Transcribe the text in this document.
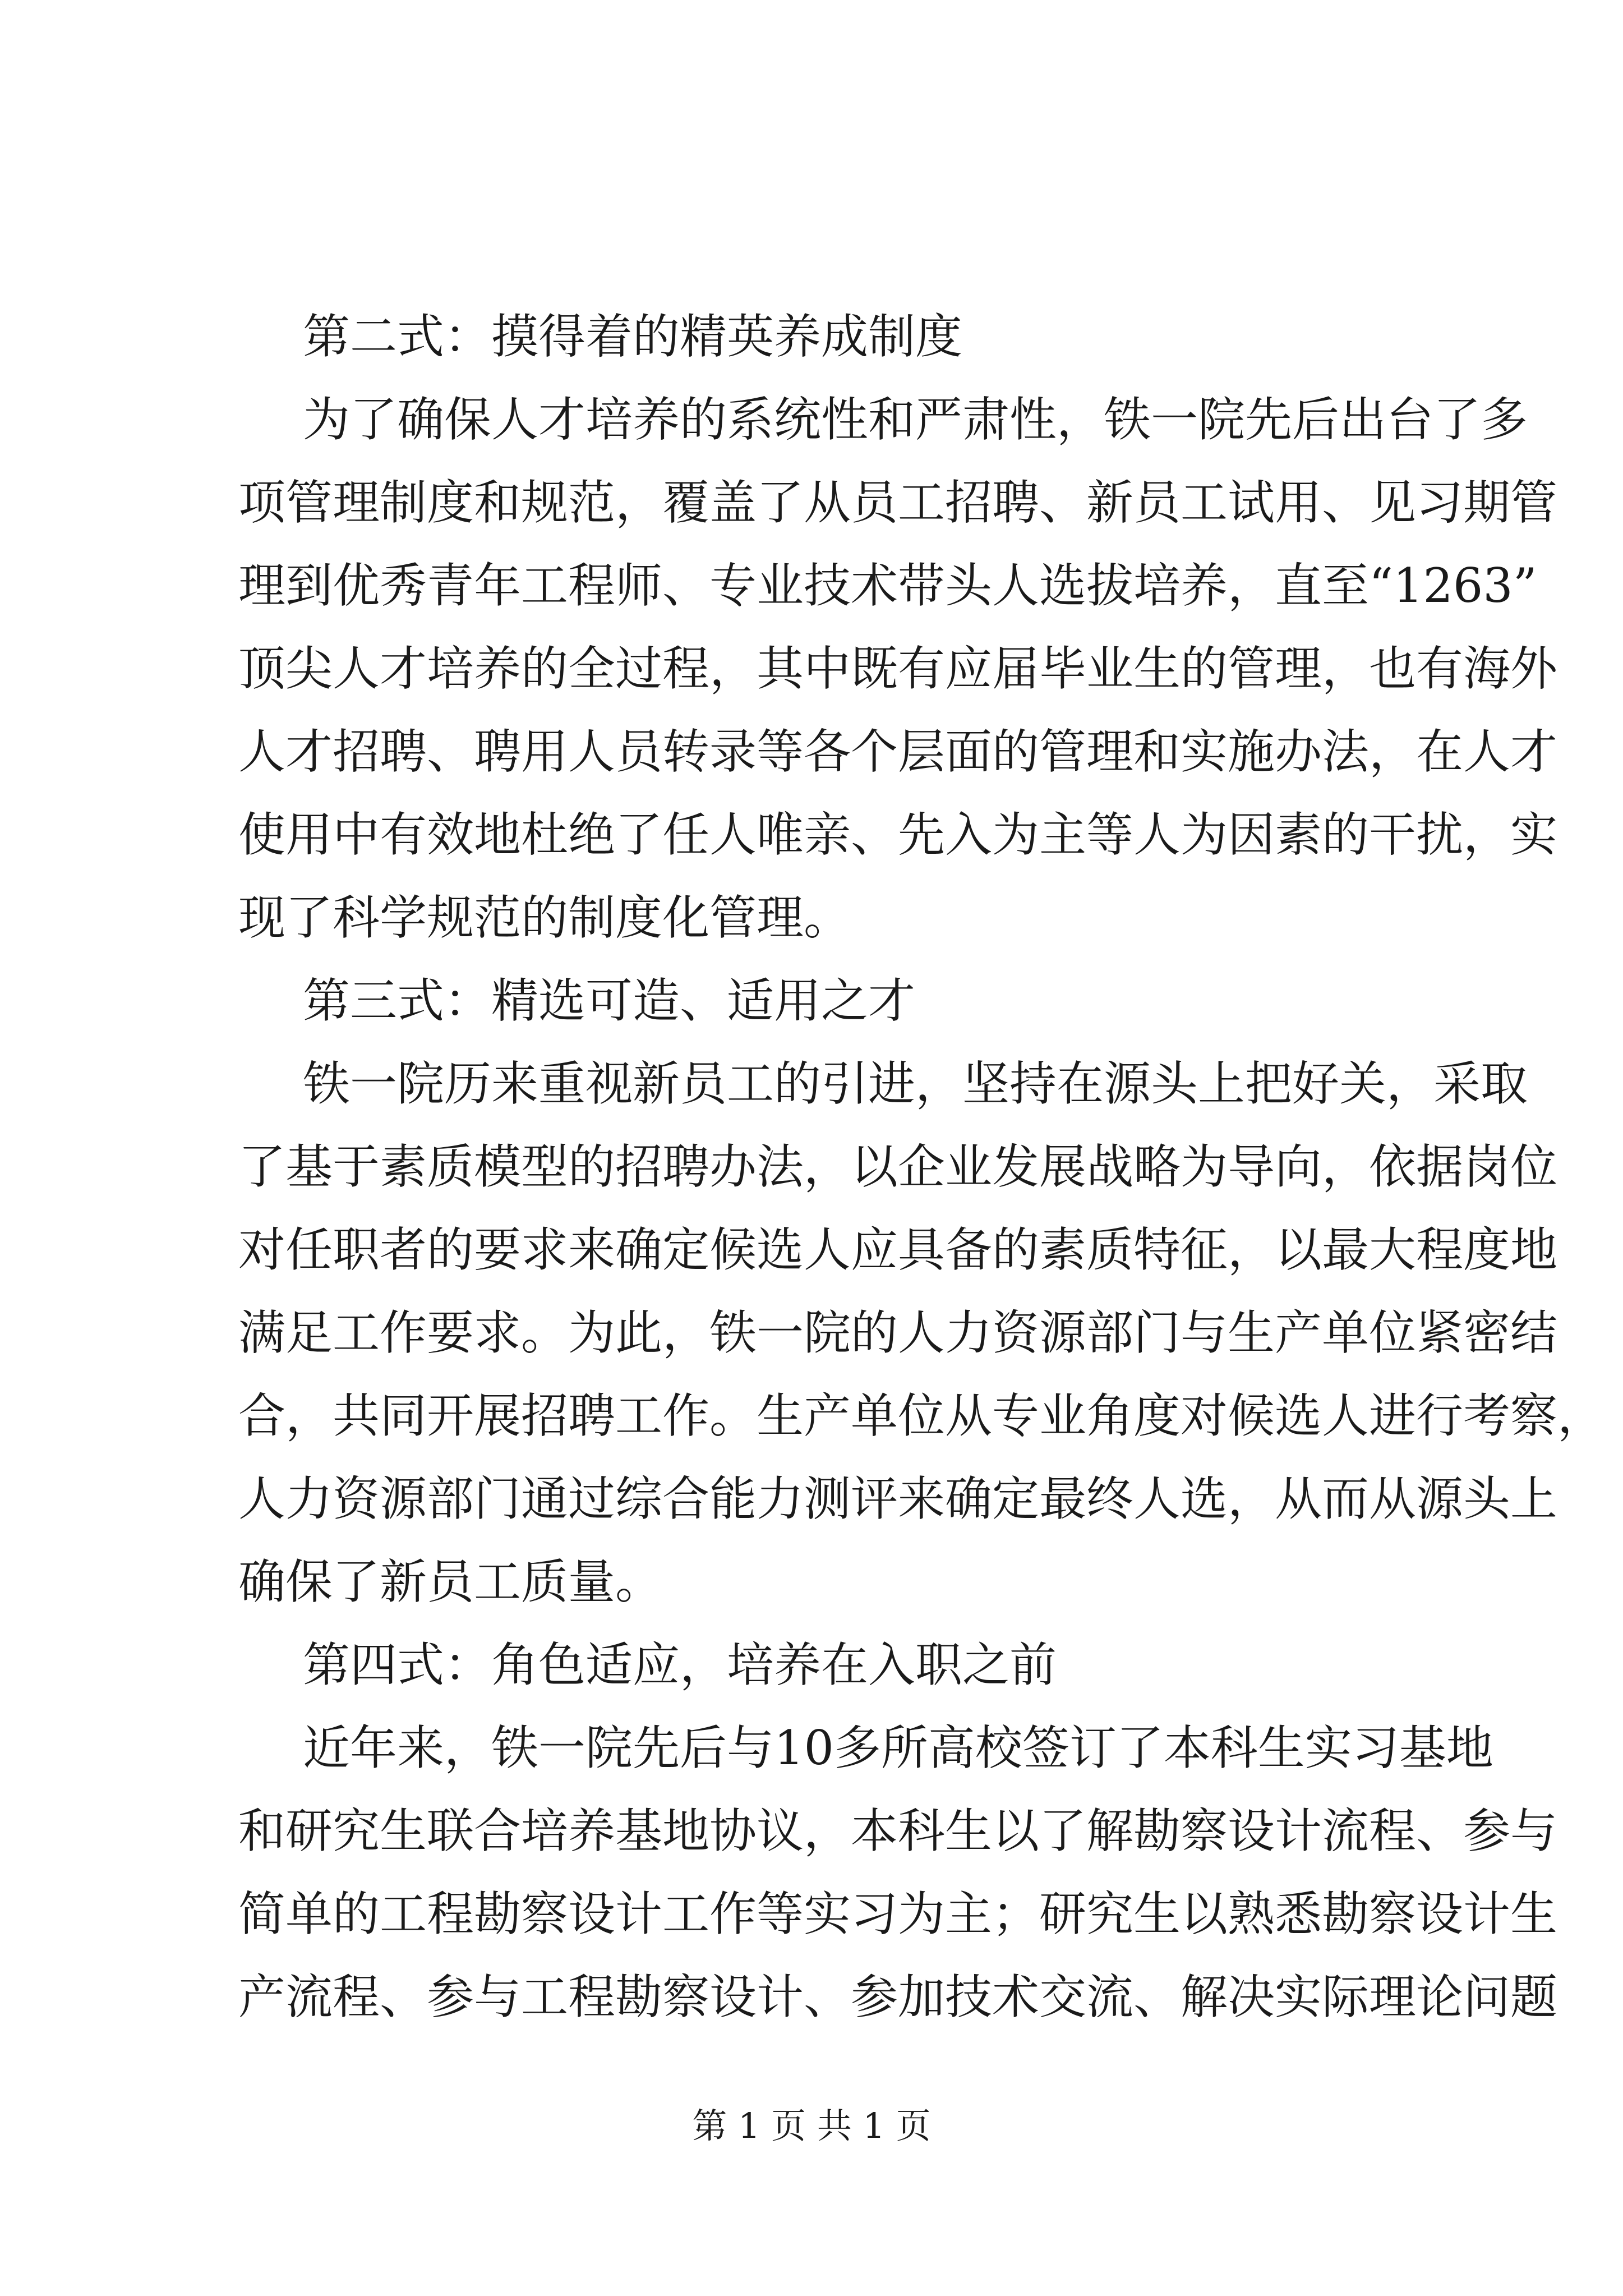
第二式：摸得着的精英养成制度
为了确保人才培养的系统性和严肃性，铁一院先后出台了多
项管理制度和规范，覆盖了从员工招聘、新员工试用、见习期管
理到优秀青年工程师、专业技术带头人选拔培养，直至“1263”
顶尖人才培养的全过程，其中既有应届毕业生的管理，也有海外
人才招聘、聘用人员转录等各个层面的管理和实施办法，在人才
使用中有效地杜绝了任人唯亲、先入为主等人为因素的干扰，实
现了科学规范的制度化管理。
第三式：精选可造、适用之才
铁一院历来重视新员工的引进，坚持在源头上把好关，采取
了基于素质模型的招聘办法，以企业发展战略为导向，依据岗位
对任职者的要求来确定候选人应具备的素质特征，以最大程度地
满足工作要求。为此，铁一院的人力资源部门与生产单位紧密结
合，共同开展招聘工作。生产单位从专业角度对候选人进行考察，
人力资源部门通过综合能力测评来确定最终人选，从而从源头上
确保了新员工质量。
第四式：角色适应，培养在入职之前
近年来，铁一院先后与10多所高校签订了本科生实习基地
和研究生联合培养基地协议，本科生以了解勘察设计流程、参与
简单的工程勘察设计工作等实习为主；研究生以熟悉勘察设计生
产流程、参与工程勘察设计、参加技术交流、解决实际理论问题
第 1 页 共 1 页
